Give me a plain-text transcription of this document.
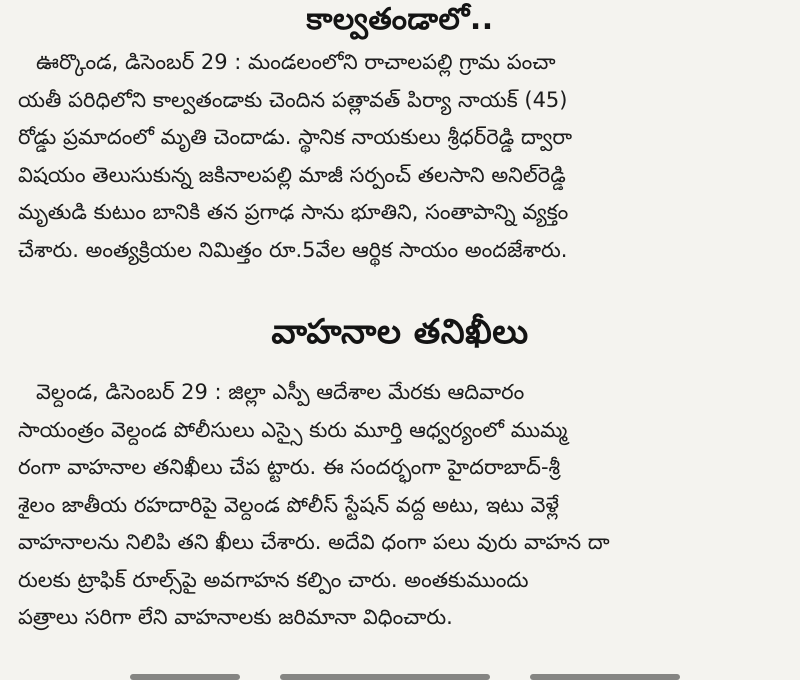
కాల్వతండాలో..
ఊర్కొండ, డిసెంబర్ 29 : మండలంలోని రాచాలపల్లి గ్రామ పంచా
యతీ పరిధిలోని కాల్వతండాకు చెందిన పత్లావత్ పిర్యా నాయక్ (45)
రోడ్డు ప్రమాదంలో మృతి చెందాడు. స్థానిక నాయకులు శ్రీధర్‌రెడ్డి ద్వారా
విషయం తెలుసుకున్న జకినాలపల్లి మాజీ సర్పంచ్ తలసాని అనిల్‌రెడ్డి
మృతుడి కుటుం బానికి తన ప్రగాఢ సాను భూతిని, సంతాపాన్ని వ్యక్తం
చేశారు. అంత్యక్రియల నిమిత్తం రూ.5వేల ఆర్థిక సాయం అందజేశారు.
వాహనాల తనిఖీలు
వెల్దండ, డిసెంబర్ 29 : జిల్లా ఎస్పీ ఆదేశాల మేరకు ఆదివారం
సాయంత్రం వెల్దండ పోలీసులు ఎస్సై కురు మూర్తి ఆధ్వర్యంలో ముమ్మ
రంగా వాహనాల తనిఖీలు చేప ట్టారు. ఈ సందర్భంగా హైదరాబాద్-శ్రీ
శైలం జాతీయ రహదారిపై వెల్దండ పోలీస్ స్టేషన్ వద్ద అటు, ఇటు వెళ్లే
వాహనాలను నిలిపి తని ఖీలు చేశారు. అదేవి ధంగా పలు వురు వాహన దా
రులకు ట్రాఫిక్ రూల్స్‌పై అవగాహన కల్పిం చారు. అంతకుముందు
పత్రాలు సరిగా లేని వాహనాలకు జరిమానా విధించారు.
